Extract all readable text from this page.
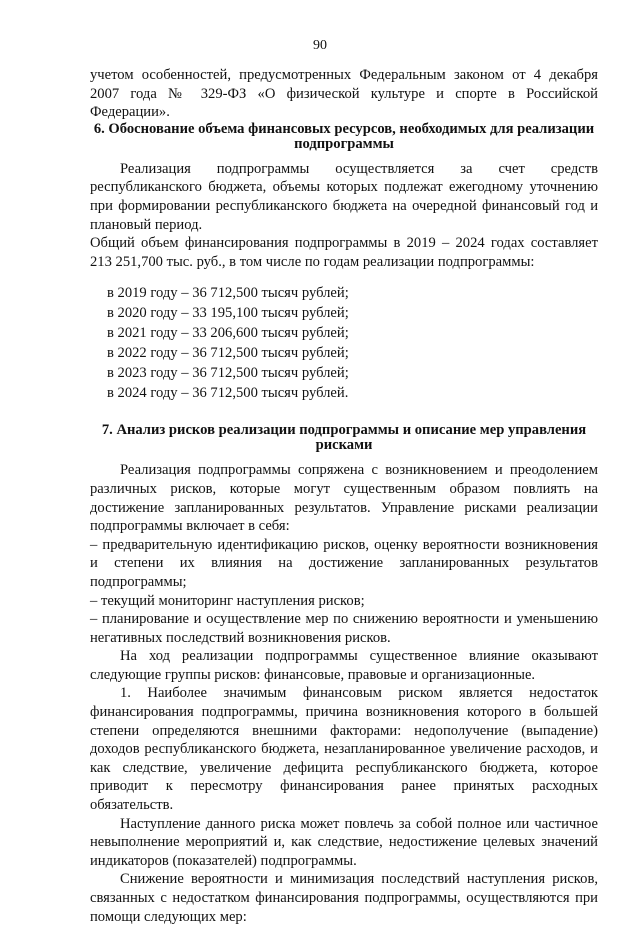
90

учетом особенностей, предусмотренных Федеральным законом от 4 декабря 2007 года № 329-ФЗ «О физической культуре и спорте в Российской Федерации».

6. Обоснование объема финансовых ресурсов, необходимых для реализации подпрограммы

Реализация подпрограммы осуществляется за счет средств республиканского бюджета, объемы которых подлежат ежегодному уточнению при формировании республиканского бюджета на очередной финансовый год и плановый период.

Общий объем финансирования подпрограммы в 2019 – 2024 годах составляет 213 251,700 тыс. руб., в том числе по годам реализации подпрограммы:

в 2019 году – 36 712,500 тысяч рублей;
в 2020 году – 33 195,100 тысяч рублей;
в 2021 году – 33 206,600 тысяч рублей;
в 2022 году – 36 712,500 тысяч рублей;
в 2023 году – 36 712,500 тысяч рублей;
в 2024 году – 36 712,500 тысяч рублей.

7. Анализ рисков реализации подпрограммы и описание мер управления рисками

Реализация подпрограммы сопряжена с возникновением и преодолением различных рисков, которые могут существенным образом повлиять на достижение запланированных результатов. Управление рисками реализации подпрограммы включает в себя:

– предварительную идентификацию рисков, оценку вероятности возникновения и степени их влияния на достижение запланированных результатов подпрограммы;

– текущий мониторинг наступления рисков;

– планирование и осуществление мер по снижению вероятности и уменьшению негативных последствий возникновения рисков.

На ход реализации подпрограммы существенное влияние оказывают следующие группы рисков: финансовые, правовые и организационные.

1. Наиболее значимым финансовым риском является недостаток финансирования подпрограммы, причина возникновения которого в большей степени определяются внешними факторами: недополучение (выпадение) доходов республиканского бюджета, незапланированное увеличение расходов, и как следствие, увеличение дефицита республиканского бюджета, которое приводит к пересмотру финансирования ранее принятых расходных обязательств.

Наступление данного риска может повлечь за собой полное или частичное невыполнение мероприятий и, как следствие, недостижение целевых значений индикаторов (показателей) подпрограммы.

Снижение вероятности и минимизация последствий наступления рисков, связанных с недостатком финансирования подпрограммы, осуществляются при помощи следующих мер:
